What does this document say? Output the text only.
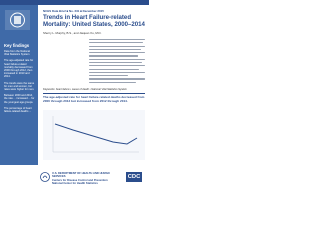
NCHS Data Brief ■ No. 231 ■ December 2015
Key findings
Data from the National Vital Statistics System
The age-adjusted rate for heart failure-related mortality decreased from 2000 through 2012, then increased in 2013 and 2014.
The trends were the same for men and women, but rates were higher for men.
Between 2000 and 2014, the rate ... increased ... for the youngest age groups.
The percentage of heart failure-related deaths ...
Trends in Heart Failure-related Mortality: United States, 2000–2014
Sherry L. Murphy, B.S., and Jiaquan Xu, M.D.
Keywords: heart failure • cause of death • National Vital Statistics System
The age-adjusted rate for heart failure-related deaths decreased from 2000 through 2012 but increased from 2012 through 2014.
U.S. DEPARTMENT OF HEALTH AND HUMAN SERVICES
Centers for Disease Control and Prevention
National Center for Health Statistics
CDC
